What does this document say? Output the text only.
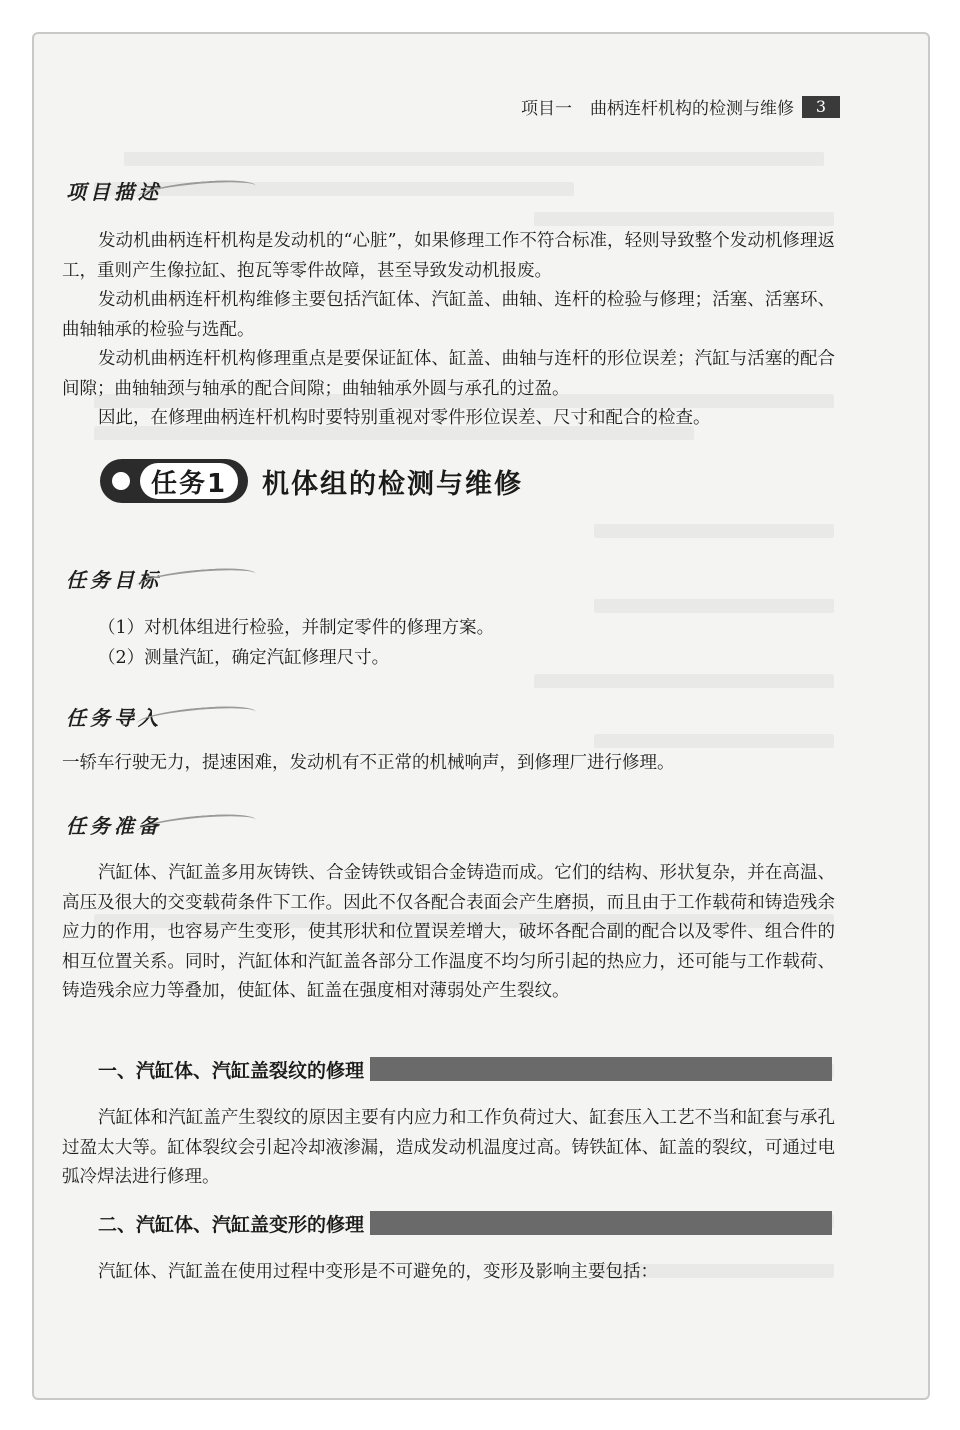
项目一 曲柄连杆机构的检测与维修	3
项目描述

发动机曲柄连杆机构是发动机的“心脏”，如果修理工作不符合标准，轻则导致整个发动机修理返工，重则产生像拉缸、抱瓦等零件故障，甚至导致发动机报废。

发动机曲柄连杆机构维修主要包括汽缸体、汽缸盖、曲轴、连杆的检验与修理；活塞、活塞环、曲轴轴承的检验与选配。

发动机曲柄连杆机构修理重点是要保证缸体、缸盖、曲轴与连杆的形位误差；汽缸与活塞的配合间隙；曲轴轴颈与轴承的配合间隙；曲轴轴承外圆与承孔的过盈。

因此，在修理曲柄连杆机构时要特别重视对零件形位误差、尺寸和配合的检查。

任务1	机体组的检测与维修
任务目标
（1）对机体组进行检验，并制定零件的修理方案。
（2）测量汽缸，确定汽缸修理尺寸。
任务导入

一轿车行驶无力，提速困难，发动机有不正常的机械响声，到修理厂进行修理。

任务准备

汽缸体、汽缸盖多用灰铸铁、合金铸铁或铝合金铸造而成。它们的结构、形状复杂，并在高温、高压及很大的交变载荷条件下工作。因此不仅各配合表面会产生磨损，而且由于工作载荷和铸造残余应力的作用，也容易产生变形，使其形状和位置误差增大，破坏各配合副的配合以及零件、组合件的相互位置关系。同时，汽缸体和汽缸盖各部分工作温度不均匀所引起的热应力，还可能与工作载荷、铸造残余应力等叠加，使缸体、缸盖在强度相对薄弱处产生裂纹。

一、汽缸体、汽缸盖裂纹的修理

汽缸体和汽缸盖产生裂纹的原因主要有内应力和工作负荷过大、缸套压入工艺不当和缸套与承孔过盈太大等。缸体裂纹会引起冷却液渗漏，造成发动机温度过高。铸铁缸体、缸盖的裂纹，可通过电弧冷焊法进行修理。

二、汽缸体、汽缸盖变形的修理

汽缸体、汽缸盖在使用过程中变形是不可避免的，变形及影响主要包括：
